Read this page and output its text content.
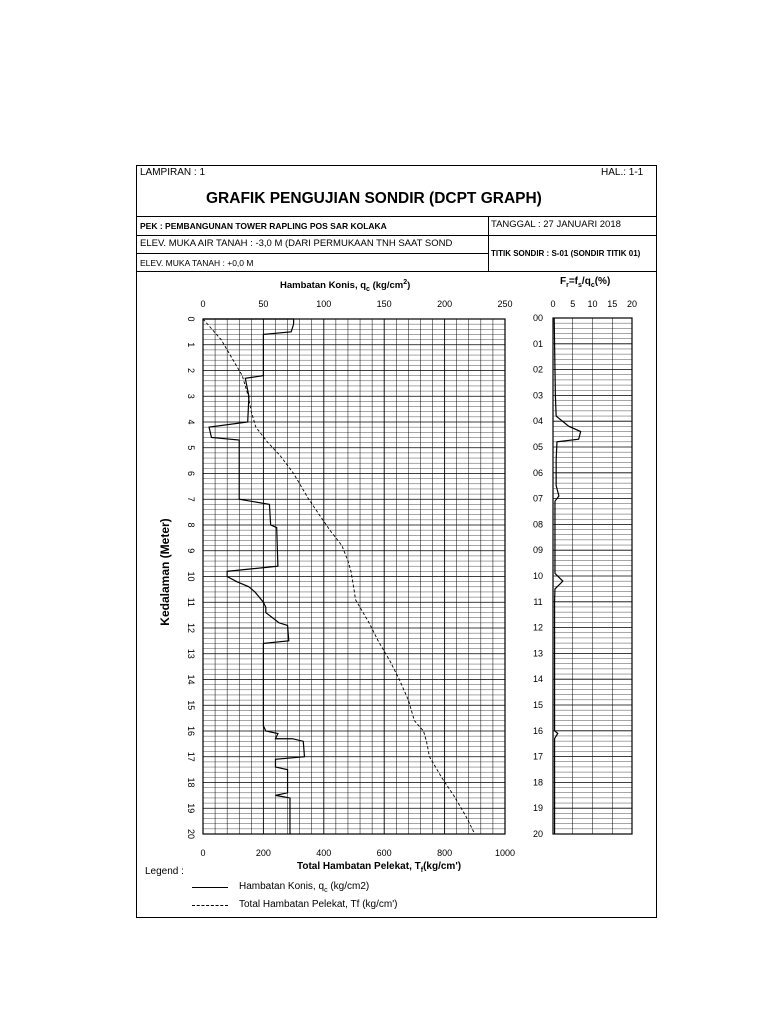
LAMPIRAN : 1	HAL.: 1-1
GRAFIK PENGUJIAN SONDIR (DCPT GRAPH)
PEK : PEMBANGUNAN TOWER RAPLING POS SAR KOLAKA	TANGGAL : 27 JANUARI 2018
ELEV. MUKA AIR TANAH : -3,0 M (DARI PERMUKAAN TNH SAAT SOND
TITIK SONDIR : S-01 (SONDIR TITIK 01)
ELEV. MUKA TANAH : +0,0 M
Hambatan Konis, $q_c$ $(kg/cm^2)$	$F_r=f_s/q_c(\%)$
Kedalaman (Meter)
Total Hambatan Pelekat, $T_f(kg/cm')$
0	50	100	150	200	250
0	200	400	600	800	1000
0
1
2
3
4
5
6
7
8
9
10
11
12
13
14
15
16
17
18
19
20
0 5 10 15 20
00
01
02
03
04
05
06
07
08
09
10
11
12
13
14
15
16
17
18
19
20
Legend :
Hambatan Konis, $q_c$ (kg/cm2)
Total Hambatan Pelekat, Tf (kg/cm')
